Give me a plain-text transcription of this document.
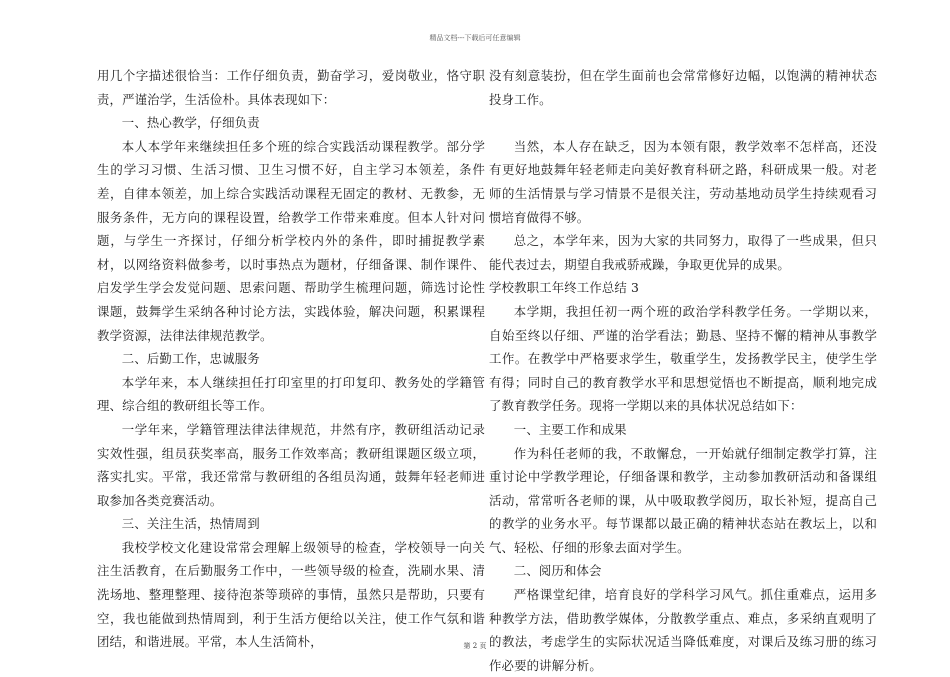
精品文档---下载后可任意编辑

用几个字描述很恰当：工作仔细负责，勤奋学习，爱岗敬业，恪守职责，严谨治学，生活俭朴。具体表现如下：

一、热心教学，仔细负责

本人本学年来继续担任多个班的综合实践活动课程教学。部分学生的学习习惯、生活习惯、卫生习惯不好，自主学习本领差，条件差，自律本领差，加上综合实践活动课程无固定的教材、无教参，无服务条件，无方向的课程设置，给教学工作带来难度。但本人针对问题，与学生一齐探讨，仔细分析学校内外的条件，即时捕捉教学素材，以网络资料做参考，以时事热点为题材，仔细备课、制作课件、启发学生学会发觉问题、思索问题、帮助学生梳理问题，筛选讨论性课题，鼓舞学生采纳各种讨论方法，实践体验，解决问题，积累课程教学资源，法律法律规范教学。

二、后勤工作，忠诚服务

本学年来，本人继续担任打印室里的打印复印、教务处的学籍管理、综合组的教研组长等工作。

一学年来，学籍管理法律法律规范，井然有序，教研组活动记录实效性强，组员获奖率高，服务工作效率高；教研组课题区级立项，落实扎实。平常，我还常常与教研组的各组员沟通，鼓舞年轻老师进取参加各类竞赛活动。

三、关注生活，热情周到

我校学校文化建设常常会理解上级领导的检查，学校领导一向关注生活教育，在后勤服务工作中，一些领导级的检查，洗刷水果、清洗场地、整理整理、接待泡茶等琐碎的事情，虽然只是帮助，只要有空，我也能做到热情周到，利于生活方便给以关注，使工作气氛和谐团结，和谐进展。平常，本人生活简朴，

没有刻意装扮，但在学生面前也会常常修好边幅，以饱满的精神状态投身工作。

当然，本人存在缺乏，因为本领有限，教学效率不怎样高，还没有更好地鼓舞年轻老师走向美好教育科研之路，科研成果一般。对老师的生活情景与学习情景不是很关注，劳动基地动员学生持续观看习惯培育做得不够。

总之，本学年来，因为大家的共同努力，取得了一些成果，但只能代表过去，期望自我戒骄戒躁，争取更优异的成果。

学校教职工年终工作总结 3

本学期，我担任初一两个班的政治学科教学任务。一学期以来，自始至终以仔细、严谨的治学看法；勤恳、坚持不懈的精神从事教学工作。在教学中严格要求学生，敬重学生，发扬教学民主，使学生学有得；同时自己的教育教学水平和思想觉悟也不断提高，顺利地完成了教育教学任务。现将一学期以来的具体状况总结如下：

一、主要工作和成果

作为科任老师的我，不敢懈怠，一开始就仔细制定教学打算，注重讨论中学教学理论，仔细备课和教学，主动参加教研活动和备课组活动，常常听各老师的课，从中吸取教学阅历，取长补短，提高自己的教学的业务水平。每节课都以最正确的精神状态站在教坛上，以和气、轻松、仔细的形象去面对学生。

二、阅历和体会

严格课堂纪律，培育良好的学科学习风气。抓住重难点，运用多种教学方法，借助教学媒体，分散教学重点、难点，多采纳直观明了的教法，考虑学生的实际状况适当降低难度，对课后及练习册的练习作必要的讲解分析。

第 2 页
